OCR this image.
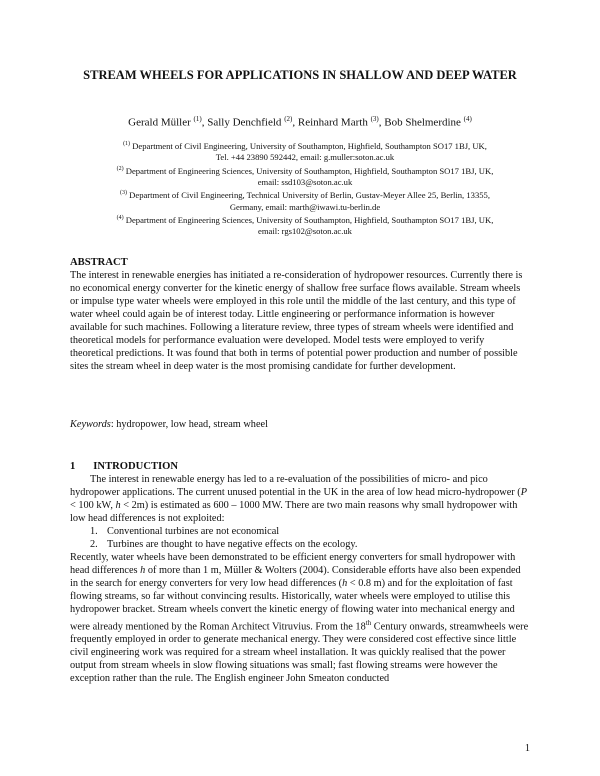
STREAM WHEELS FOR APPLICATIONS IN SHALLOW AND DEEP WATER
Gerald Müller $^{(1)}$, Sally Denchfield $^{(2)}$, Reinhard Marth $^{(3)}$, Bob Shelmerdine $^{(4)}$

$^{(1)}$ Department of Civil Engineering, University of Southampton, Highfield, Southampton SO17 1BJ, UK,

Tel. +44 23890 592442, email: g.muller:soton.ac.uk

$^{(2)}$ Department of Engineering Sciences, University of Southampton, Highfield, Southampton SO17 1BJ, UK,

email: ssd103@soton.ac.uk

$^{(3)}$ Department of Civil Engineering, Technical University of Berlin, Gustav-Meyer Allee 25, Berlin, 13355,

Germany, email: marth@iwawi.tu-berlin.de

$^{(4)}$ Department of Engineering Sciences, University of Southampton, Highfield, Southampton SO17 1BJ, UK,

email: rgs102@soton.ac.uk

ABSTRACT
The interest in renewable energies has initiated a re-consideration of hydropower resources. Currently there is no economical energy converter for the kinetic energy of shallow free surface flows available. Stream wheels or impulse type water wheels were employed in this role until the middle of the last century, and this type of water wheel could again be of interest today. Little engineering or performance information is however available for such machines. Following a literature review, three types of stream wheels were identified and theoretical models for performance evaluation were developed. Model tests were employed to verify theoretical predictions. It was found that both in terms of potential power production and number of possible sites the stream wheel in deep water is the most promising candidate for further development.
Keywords: hydropower, low head, stream wheel
1 INTRODUCTION

The interest in renewable energy has led to a re-evaluation of the possibilities of micro- and pico hydropower applications. The current unused potential in the UK in the area of low head micro-hydropower (P < 100 kW, h < 2m) is estimated as 600 – 1000 MW. There are two main reasons why small hydropower with low head differences is not exploited:

1. Conventional turbines are not economical
2. Turbines are thought to have negative effects on the ecology.

Recently, water wheels have been demonstrated to be efficient energy converters for small hydropower with head differences h of more than 1 m, Müller & Wolters (2004). Considerable efforts have also been expended in the search for energy converters for very low head differences (h < 0.8 m) and for the exploitation of fast flowing streams, so far without convincing results. Historically, water wheels were employed to utilise this hydropower bracket. Stream wheels convert the kinetic energy of flowing water into mechanical energy and were already mentioned by the Roman Architect Vitruvius. From the 18th Century onwards, streamwheels were frequently employed in order to generate mechanical energy. They were considered cost effective since little civil engineering work was required for a stream wheel installation. It was quickly realised that the power output from stream wheels in slow flowing situations was small; fast flowing streams were however the exception rather than the rule. The English engineer John Smeaton conducted

1
